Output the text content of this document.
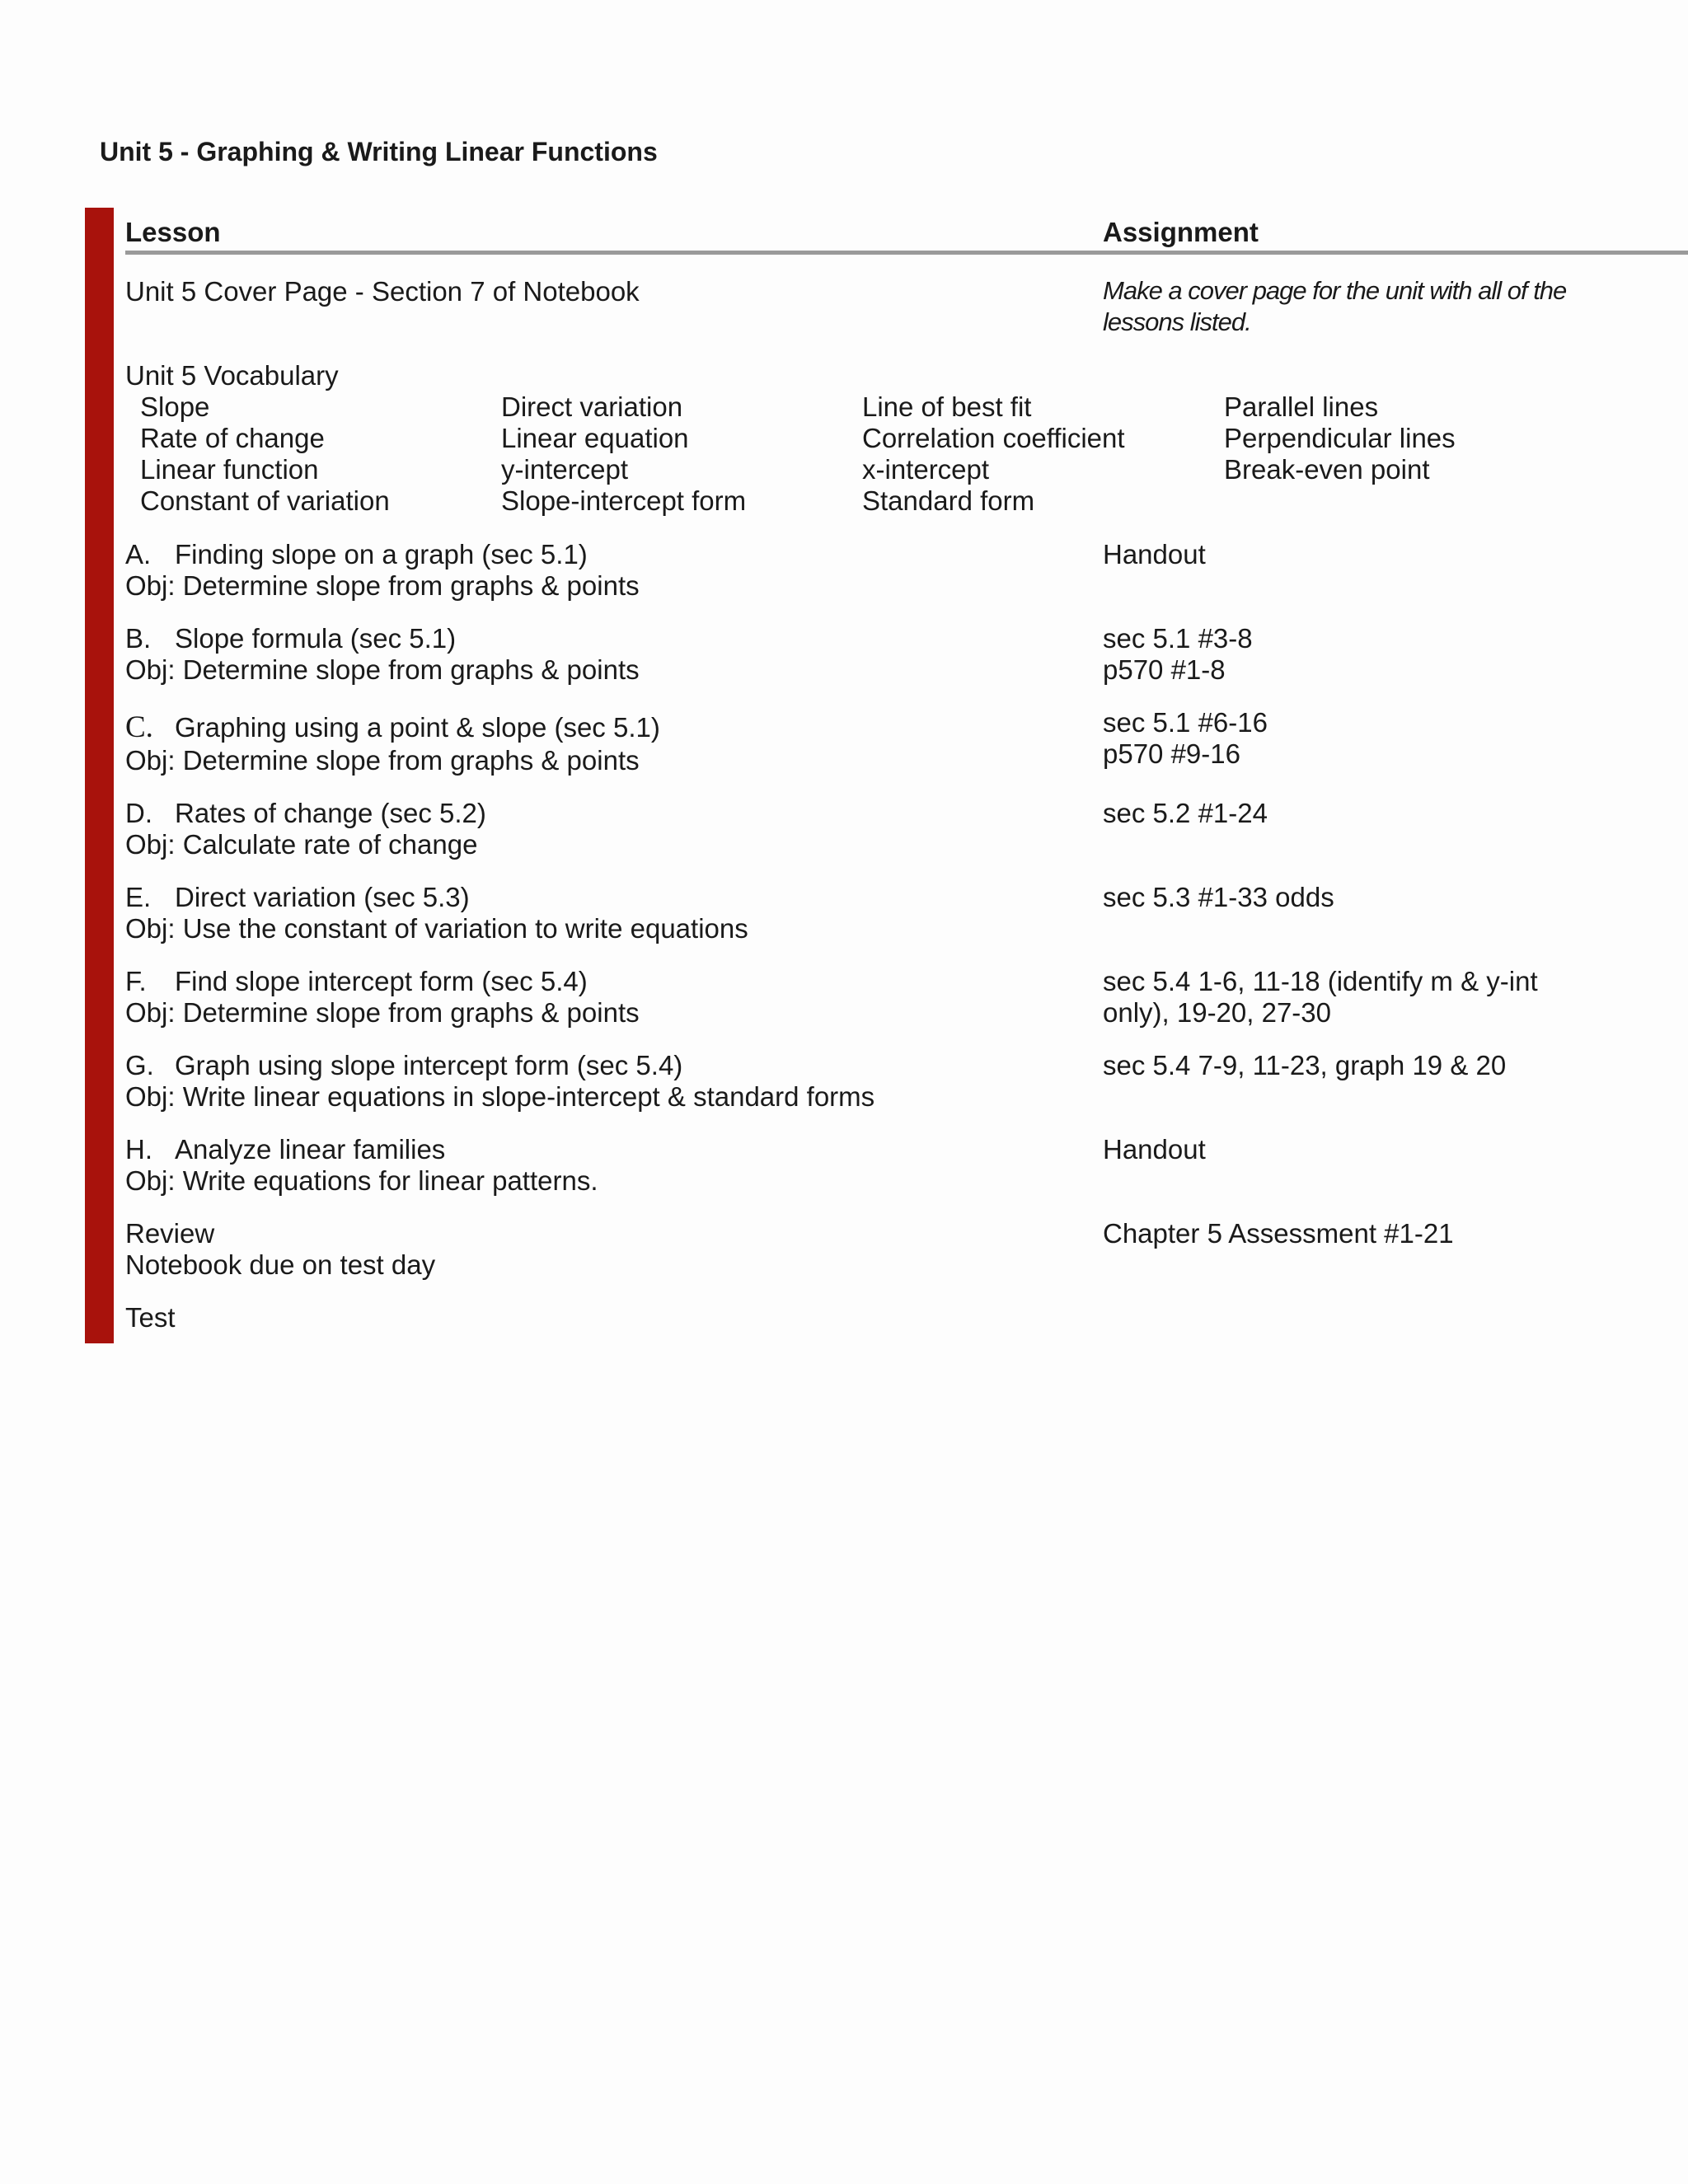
Unit 5 - Graphing & Writing Linear Functions
Lesson	Assignment
Unit 5 Cover Page - Section 7 of Notebook	Make a cover page for the unit with all of the lessons listed.
Unit 5 Vocabulary
Slope
Rate of change
Linear function
Constant of variation
Direct variation
Linear equation
y-intercept
Slope-intercept form
Line of best fit
Correlation coefficient
x-intercept
Standard form
Parallel lines
Perpendicular lines
Break-even point
A. Finding slope on a graph (sec 5.1)
Obj: Determine slope from graphs & points
Handout
B. Slope formula (sec 5.1)
Obj: Determine slope from graphs & points
sec 5.1 #3-8
p570 #1-8
C. Graphing using a point & slope (sec 5.1)
Obj: Determine slope from graphs & points
sec 5.1 #6-16
p570 #9-16
D. Rates of change (sec 5.2)
Obj: Calculate rate of change
sec 5.2 #1-24
E. Direct variation (sec 5.3)
Obj: Use the constant of variation to write equations
sec 5.3 #1-33 odds
F. Find slope intercept form (sec 5.4)
Obj: Determine slope from graphs & points
sec 5.4 1-6, 11-18 (identify m & y-int
only), 19-20, 27-30
G. Graph using slope intercept form (sec 5.4)
Obj: Write linear equations in slope-intercept & standard forms
sec 5.4 7-9, 11-23, graph 19 & 20
H. Analyze linear families
Obj: Write equations for linear patterns.
Handout
Review
Notebook due on test day
Chapter 5 Assessment #1-21
Test
